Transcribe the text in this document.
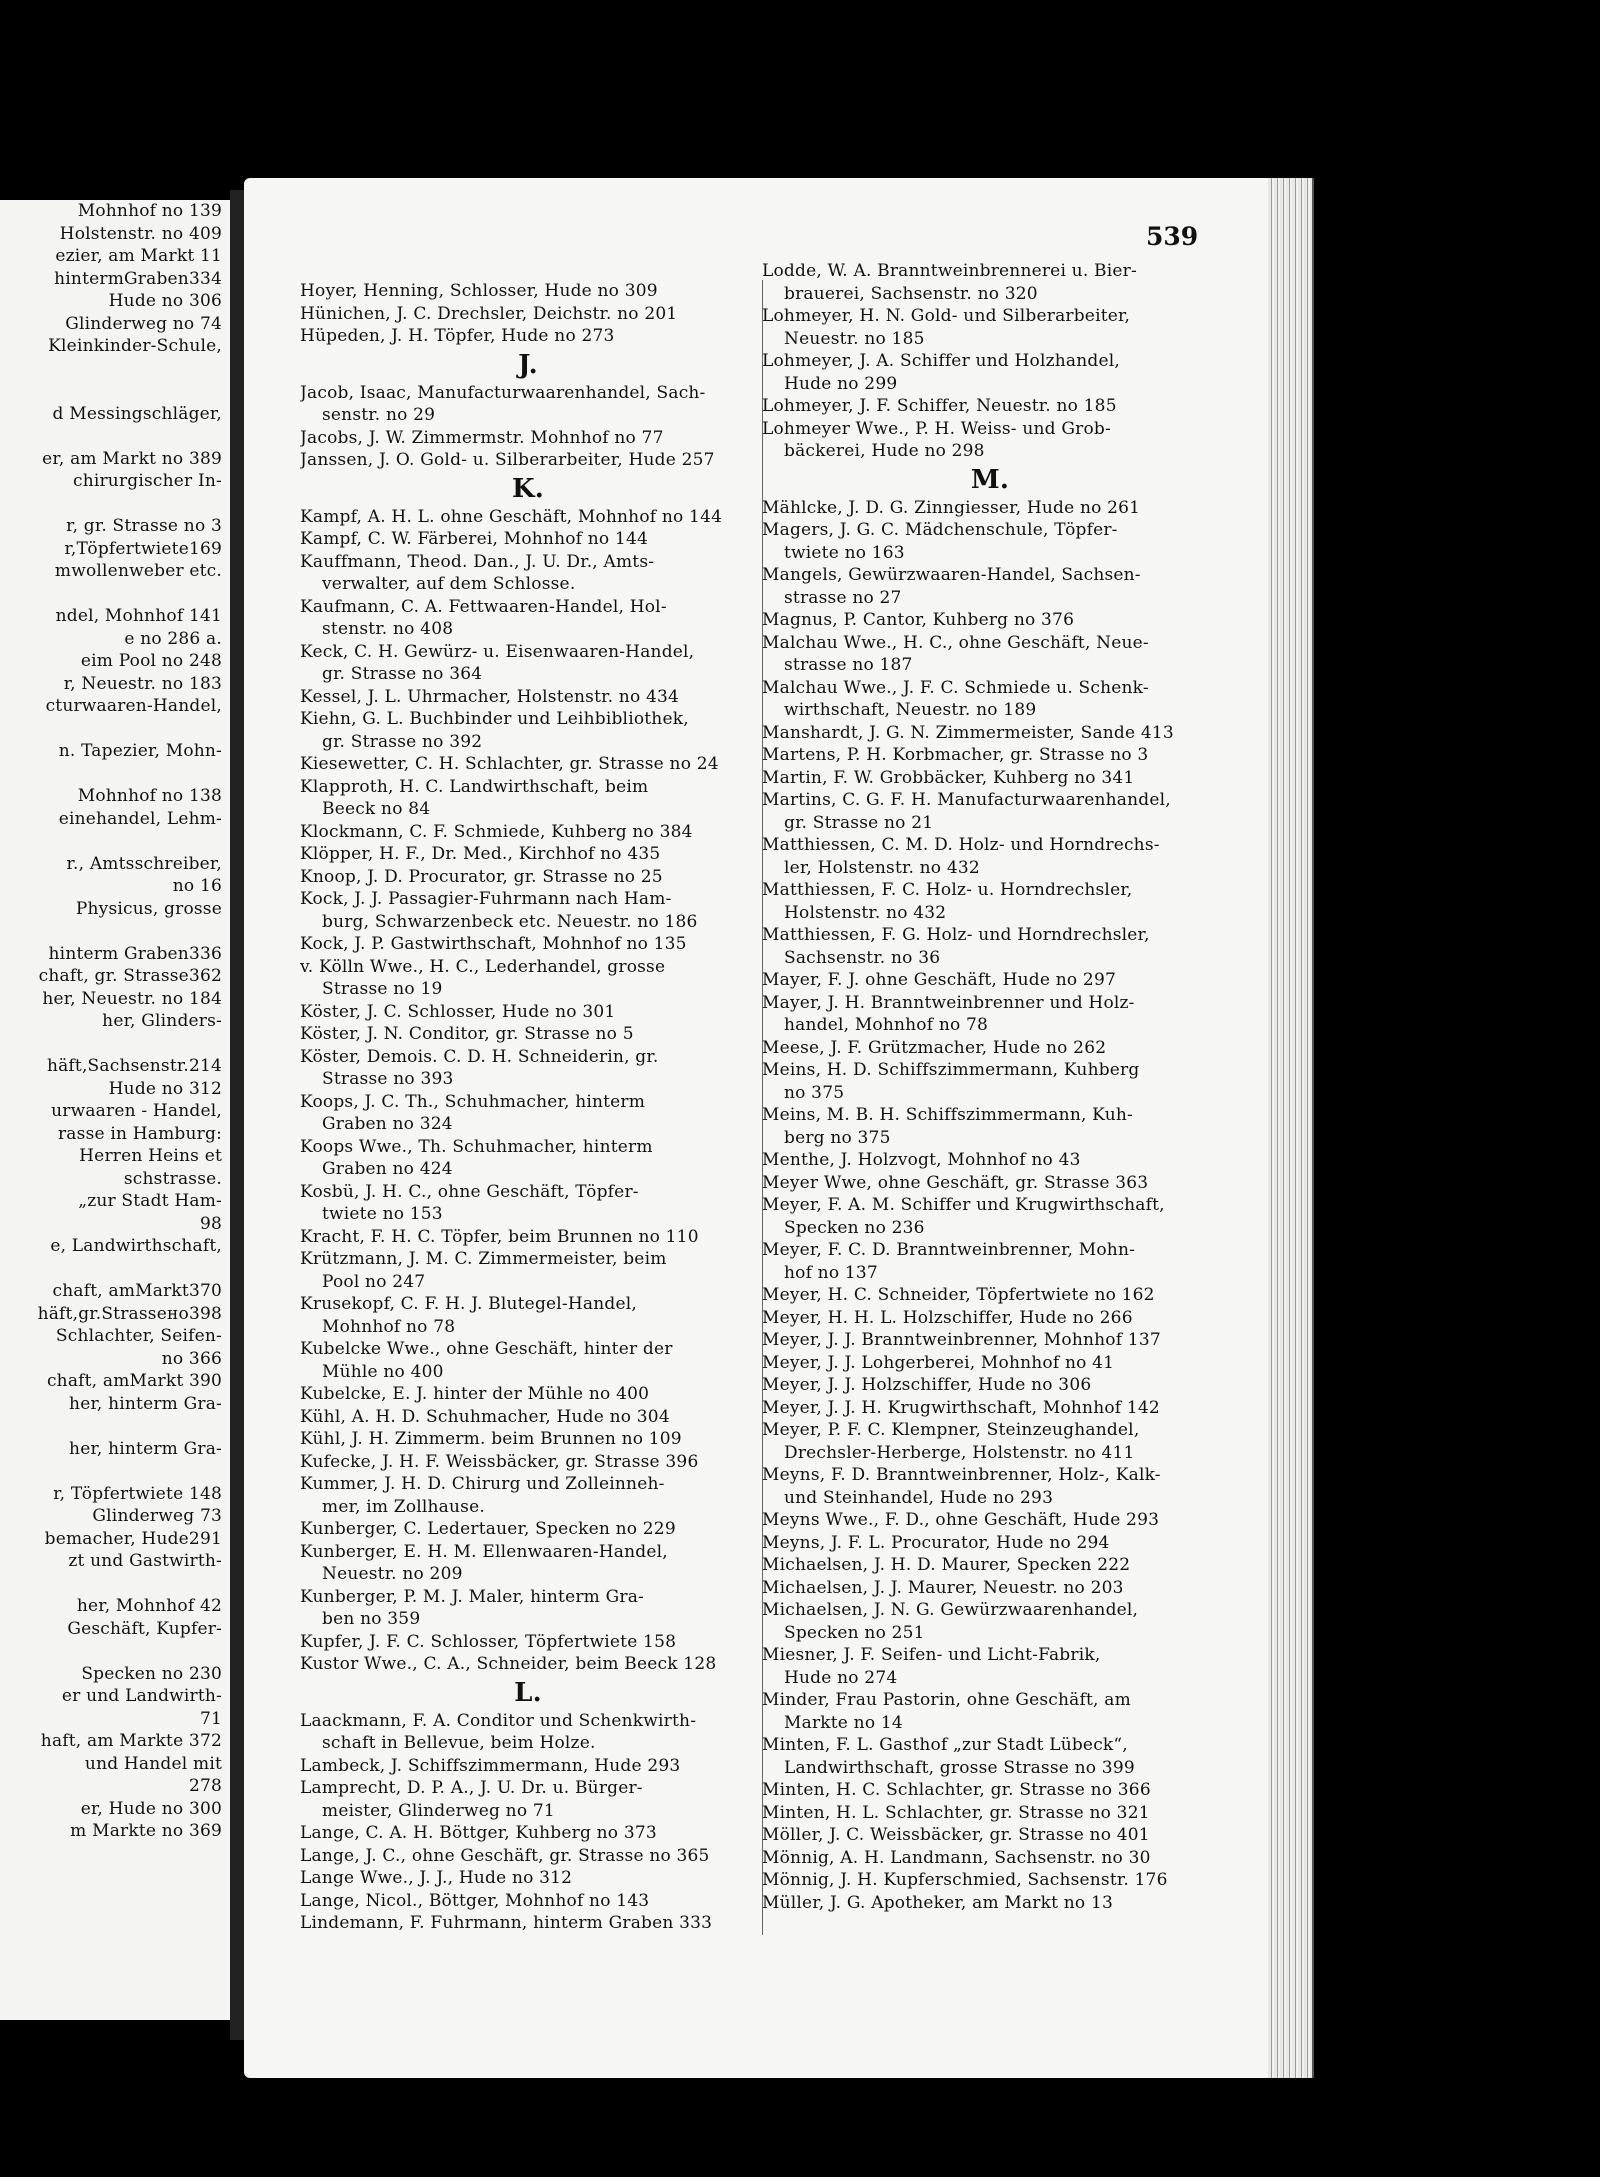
Mohnhof no 139
Holstenstr. no 409
ezier, am Markt 11
hintermGraben334
Hude no 306
Glinderweg no 74
Kleinkinder-Schule,

d Messingschläger,

er, am Markt no 389
chirurgischer In-

r, gr. Strasse no 3
r,Töpfertwiete169
mwollenweber etc.

ndel, Mohnhof 141
e no 286 a.
eim Pool no 248
r, Neuestr. no 183
cturwaaren-Handel,

n. Tapezier, Mohn-

Mohnhof no 138
einehandel, Lehm-

r., Amtsschreiber,
no 16
Physicus, grosse

hinterm Graben336
chaft, gr. Strasse362
her, Neuestr. no 184
her, Glinders-

häft,Sachsenstr.214
Hude no 312
urwaaren - Handel,
rasse in Hamburg:
Herren Heins et
schstrasse.
„zur Stadt Ham-
98
e, Landwirthschaft,

chaft, amMarkt370
häft,gr.Strassено398
Schlachter, Seifen-
no 366
chaft, amMarkt 390
her, hinterm Gra-

her, hinterm Gra-

r, Töpfertwiete 148
Glinderweg 73
bemacher, Hude291
zt und Gastwirth-

her, Mohnhof 42
Geschäft, Kupfer-

Specken no 230
er und Landwirth-
71
haft, am Markte 372
und Handel mit
278
er, Hude no 300
m Markte no 369
539
Hoyer, Henning, Schlosser, Hude no 309
Hünichen, J. C. Drechsler, Deichstr. no 201
Hüpeden, J. H. Töpfer, Hude no 273
J.
Jacob, Isaac, Manufacturwaarenhandel, Sach-
senstr. no 29
Jacobs, J. W. Zimmermstr. Mohnhof no 77
Janssen, J. O. Gold- u. Silberarbeiter, Hude 257
K.
Kampf, A. H. L. ohne Geschäft, Mohnhof no 144
Kampf, C. W. Färberei, Mohnhof no 144
Kauffmann, Theod. Dan., J. U. Dr., Amts-
verwalter, auf dem Schlosse.
Kaufmann, C. A. Fettwaaren-Handel, Hol-
stenstr. no 408
Keck, C. H. Gewürz- u. Eisenwaaren-Handel,
gr. Strasse no 364
Kessel, J. L. Uhrmacher, Holstenstr. no 434
Kiehn, G. L. Buchbinder und Leihbibliothek,
gr. Strasse no 392
Kiesewetter, C. H. Schlachter, gr. Strasse no 24
Klapproth, H. C. Landwirthschaft, beim
Beeck no 84
Klockmann, C. F. Schmiede, Kuhberg no 384
Klöpper, H. F., Dr. Med., Kirchhof no 435
Knoop, J. D. Procurator, gr. Strasse no 25
Kock, J. J. Passagier-Fuhrmann nach Ham-
burg, Schwarzenbeck etc. Neuestr. no 186
Kock, J. P. Gastwirthschaft, Mohnhof no 135
v. Kölln Wwe., H. C., Lederhandel, grosse
Strasse no 19
Köster, J. C. Schlosser, Hude no 301
Köster, J. N. Conditor, gr. Strasse no 5
Köster, Demois. C. D. H. Schneiderin, gr.
Strasse no 393
Koops, J. C. Th., Schuhmacher, hinterm
Graben no 324
Koops Wwe., Th. Schuhmacher, hinterm
Graben no 424
Kosbü, J. H. C., ohne Geschäft, Töpfer-
twiete no 153
Kracht, F. H. C. Töpfer, beim Brunnen no 110
Krützmann, J. M. C. Zimmermeister, beim
Pool no 247
Krusekopf, C. F. H. J. Blutegel-Handel,
Mohnhof no 78
Kubelcke Wwe., ohne Geschäft, hinter der
Mühle no 400
Kubelcke, E. J. hinter der Mühle no 400
Kühl, A. H. D. Schuhmacher, Hude no 304
Kühl, J. H. Zimmerm. beim Brunnen no 109
Kufecke, J. H. F. Weissbäcker, gr. Strasse 396
Kummer, J. H. D. Chirurg und Zolleinneh-
mer, im Zollhause.
Kunberger, C. Ledertauer, Specken no 229
Kunberger, E. H. M. Ellenwaaren-Handel,
Neuestr. no 209
Kunberger, P. M. J. Maler, hinterm Gra-
ben no 359
Kupfer, J. F. C. Schlosser, Töpfertwiete 158
Kustor Wwe., C. A., Schneider, beim Beeck 128
L.
Laackmann, F. A. Conditor und Schenkwirth-
schaft in Bellevue, beim Holze.
Lambeck, J. Schiffszimmermann, Hude 293
Lamprecht, D. P. A., J. U. Dr. u. Bürger-
meister, Glinderweg no 71
Lange, C. A. H. Böttger, Kuhberg no 373
Lange, J. C., ohne Geschäft, gr. Strasse no 365
Lange Wwe., J. J., Hude no 312
Lange, Nicol., Böttger, Mohnhof no 143
Lindemann, F. Fuhrmann, hinterm Graben 333
Lodde, W. A. Branntweinbrennerei u. Bier-
brauerei, Sachsenstr. no 320
Lohmeyer, H. N. Gold- und Silberarbeiter,
Neuestr. no 185
Lohmeyer, J. A. Schiffer und Holzhandel,
Hude no 299
Lohmeyer, J. F. Schiffer, Neuestr. no 185
Lohmeyer Wwe., P. H. Weiss- und Grob-
bäckerei, Hude no 298
M.
Mählcke, J. D. G. Zinngiesser, Hude no 261
Magers, J. G. C. Mädchenschule, Töpfer-
twiete no 163
Mangels, Gewürzwaaren-Handel, Sachsen-
strasse no 27
Magnus, P. Cantor, Kuhberg no 376
Malchau Wwe., H. C., ohne Geschäft, Neue-
strasse no 187
Malchau Wwe., J. F. C. Schmiede u. Schenk-
wirthschaft, Neuestr. no 189
Manshardt, J. G. N. Zimmermeister, Sande 413
Martens, P. H. Korbmacher, gr. Strasse no 3
Martin, F. W. Grobbäcker, Kuhberg no 341
Martins, C. G. F. H. Manufacturwaarenhandel,
gr. Strasse no 21
Matthiessen, C. M. D. Holz- und Horndrechs-
ler, Holstenstr. no 432
Matthiessen, F. C. Holz- u. Horndrechsler,
Holstenstr. no 432
Matthiessen, F. G. Holz- und Horndrechsler,
Sachsenstr. no 36
Mayer, F. J. ohne Geschäft, Hude no 297
Mayer, J. H. Branntweinbrenner und Holz-
handel, Mohnhof no 78
Meese, J. F. Grützmacher, Hude no 262
Meins, H. D. Schiffszimmermann, Kuhberg
no 375
Meins, M. B. H. Schiffszimmermann, Kuh-
berg no 375
Menthe, J. Holzvogt, Mohnhof no 43
Meyer Wwe, ohne Geschäft, gr. Strasse 363
Meyer, F. A. M. Schiffer und Krugwirthschaft,
Specken no 236
Meyer, F. C. D. Branntweinbrenner, Mohn-
hof no 137
Meyer, H. C. Schneider, Töpfertwiete no 162
Meyer, H. H. L. Holzschiffer, Hude no 266
Meyer, J. J. Branntweinbrenner, Mohnhof 137
Meyer, J. J. Lohgerberei, Mohnhof no 41
Meyer, J. J. Holzschiffer, Hude no 306
Meyer, J. J. H. Krugwirthschaft, Mohnhof 142
Meyer, P. F. C. Klempner, Steinzeughandel,
Drechsler-Herberge, Holstenstr. no 411
Meyns, F. D. Branntweinbrenner, Holz-, Kalk-
und Steinhandel, Hude no 293
Meyns Wwe., F. D., ohne Geschäft, Hude 293
Meyns, J. F. L. Procurator, Hude no 294
Michaelsen, J. H. D. Maurer, Specken 222
Michaelsen, J. J. Maurer, Neuestr. no 203
Michaelsen, J. N. G. Gewürzwaarenhandel,
Specken no 251
Miesner, J. F. Seifen- und Licht-Fabrik,
Hude no 274
Minder, Frau Pastorin, ohne Geschäft, am
Markte no 14
Minten, F. L. Gasthof „zur Stadt Lübeck“,
Landwirthschaft, grosse Strasse no 399
Minten, H. C. Schlachter, gr. Strasse no 366
Minten, H. L. Schlachter, gr. Strasse no 321
Möller, J. C. Weissbäcker, gr. Strasse no 401
Mönnig, A. H. Landmann, Sachsenstr. no 30
Mönnig, J. H. Kupferschmied, Sachsenstr. 176
Müller, J. G. Apotheker, am Markt no 13
